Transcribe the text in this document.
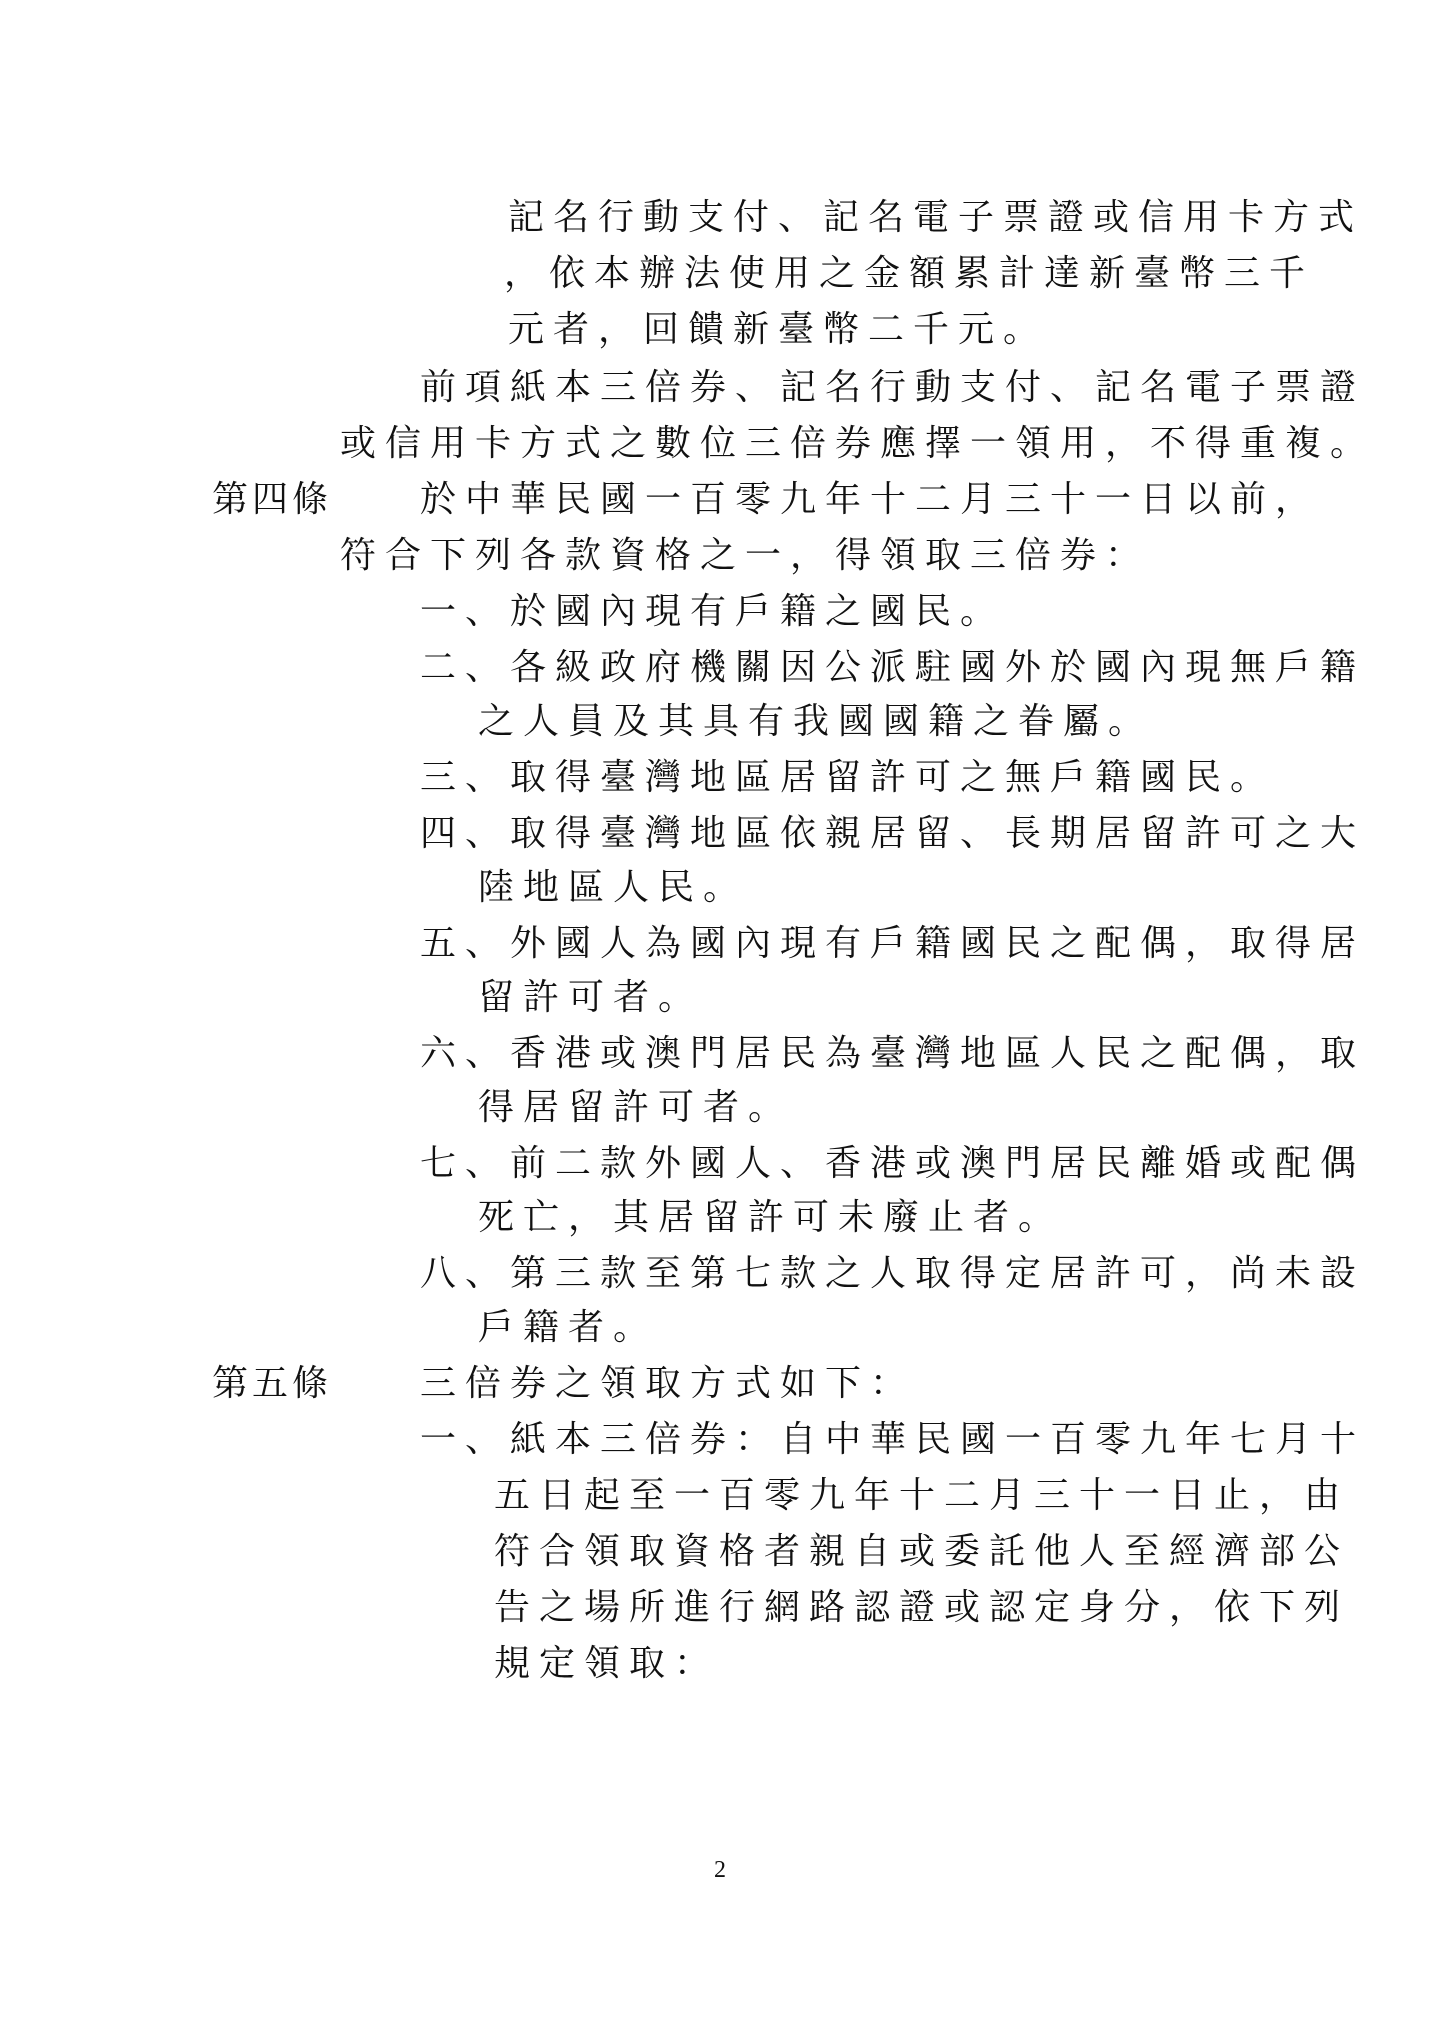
記名行動支付、記名電子票證或信用卡方式
，依本辦法使用之金額累計達新臺幣三千
元者，回饋新臺幣二千元。
前項紙本三倍券、記名行動支付、記名電子票證
或信用卡方式之數位三倍券應擇一領用，不得重複。
第四條 於中華民國一百零九年十二月三十一日以前，
符合下列各款資格之一，得領取三倍券：
一、於國內現有戶籍之國民。
二、各級政府機關因公派駐國外於國內現無戶籍
之人員及其具有我國國籍之眷屬。
三、取得臺灣地區居留許可之無戶籍國民。
四、取得臺灣地區依親居留、長期居留許可之大
陸地區人民。
五、外國人為國內現有戶籍國民之配偶，取得居
留許可者。
六、香港或澳門居民為臺灣地區人民之配偶，取
得居留許可者。
七、前二款外國人、香港或澳門居民離婚或配偶
死亡，其居留許可未廢止者。
八、第三款至第七款之人取得定居許可，尚未設
戶籍者。
第五條 三倍券之領取方式如下：
一、紙本三倍券：自中華民國一百零九年七月十
五日起至一百零九年十二月三十一日止，由
符合領取資格者親自或委託他人至經濟部公
告之場所進行網路認證或認定身分，依下列
規定領取：
2
